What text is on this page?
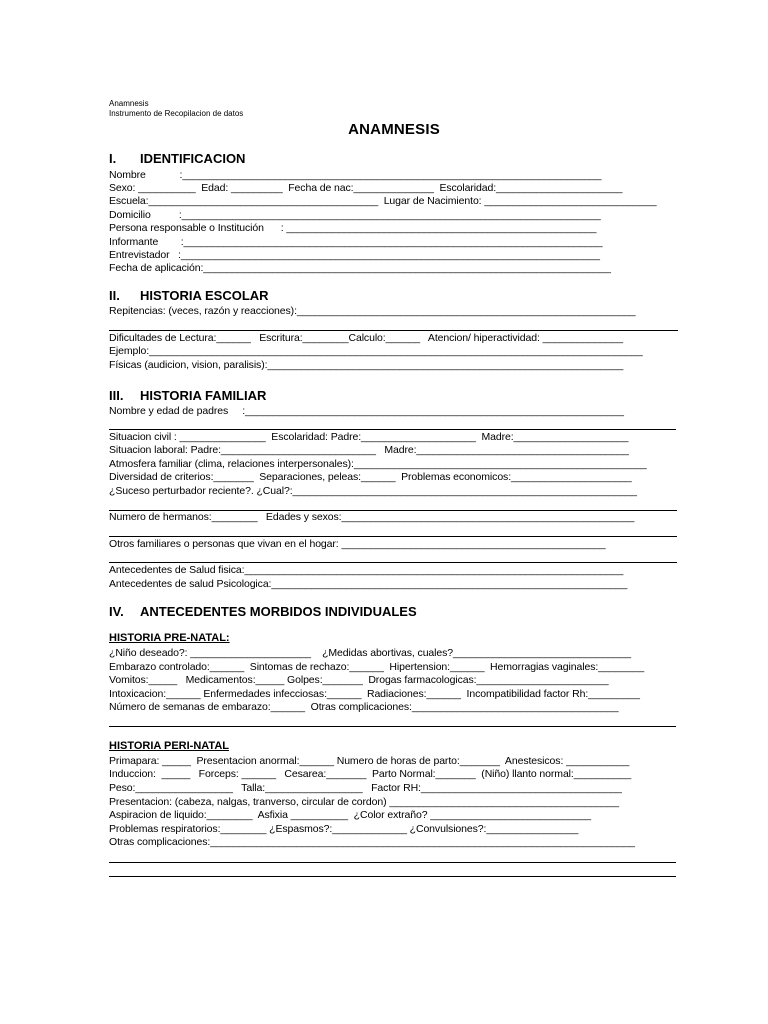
Anamnesis
Instrumento de Recopilacion de datos
ANAMNESIS
I. IDENTIFICACION
Nombre            :_________________________________________________________________________
Sexo: __________  Edad: _________  Fecha de nac:______________  Escolaridad:______________________
Escuela:________________________________________  Lugar de Nacimiento: ______________________________
Domicilio          :_________________________________________________________________________
Persona responsable o Institución      : ______________________________________________________
Informante        :_________________________________________________________________________
Entrevistador   :_________________________________________________________________________
Fecha de aplicación:_______________________________________________________________________
II. HISTORIA ESCOLAR
Repitencias: (veces, razón y reacciones):___________________________________________________________
Dificultades de Lectura:______   Escritura:________Calculo:______   Atencion/ hiperactividad: ______________
Ejemplo:______________________________________________________________________________________
Físicas (audicion, vision, paralisis):______________________________________________________________
III. HISTORIA FAMILIAR
Nombre y edad de padres     :__________________________________________________________________
Situacion civil : _______________  Escolaridad: Padre:____________________  Madre:____________________
Situacion laboral: Padre:___________________________   Madre:_____________________________________
Atmosfera familiar (clima, relaciones interpersonales):___________________________________________________
Diversidad de criterios:_______  Separaciones, peleas:______  Problemas economicos:_____________________
¿Suceso perturbador reciente?. ¿Cual?:____________________________________________________________
Numero de hermanos:________   Edades y sexos:___________________________________________________
Otros familiares o personas que vivan en el hogar: ______________________________________________
Antecedentes de Salud fisica:__________________________________________________________________
Antecedentes de salud Psicologica:______________________________________________________________
IV. ANTECEDENTES MORBIDOS INDIVIDUALES
HISTORIA PRE-NATAL:
¿Niño deseado?: _____________________    ¿Medidas abortivas, cuales?_______________________________
Embarazo controlado:______  Sintomas de rechazo:______  Hipertension:______  Hemorragias vaginales:________
Vomitos:_____   Medicamentos:_____ Golpes:_______  Drogas farmacologicas:_______________________
Intoxicacion:______ Enfermedades infecciosas:______  Radiaciones:______  Incompatibilidad factor Rh:_________
Número de semanas de embarazo:______  Otras complicaciones:____________________________________
HISTORIA PERI-NATAL
Primapara: _____  Presentacion anormal:______ Numero de horas de parto:_______  Anestesicos: ___________
Induccion:  _____   Forceps: ______   Cesarea:_______  Parto Normal:_______  (Niño) llanto normal:__________
Peso:_________________   Talla:_________________   Factor RH:___________________________________
Presentacion: (cabeza, nalgas, tranverso, circular de cordon) ________________________________________
Aspiracion de liquido:________  Asfixia __________  ¿Color extraño? ____________________________
Problemas respiratorios:________ ¿Espasmos?:_____________ ¿Convulsiones?:________________
Otras complicaciones:__________________________________________________________________________
